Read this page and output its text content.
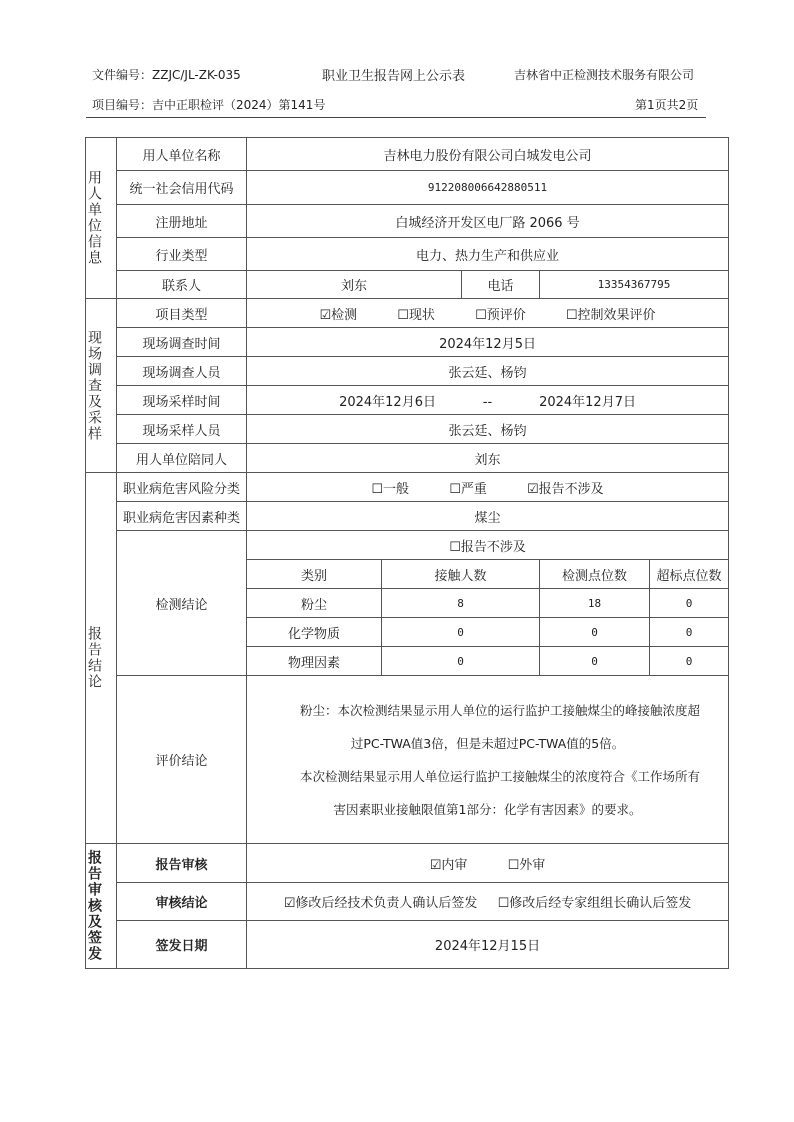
文件编号：ZZJC/JL-ZK-035	职业卫生报告网上公示表	吉林省中正检测技术服务有限公司
项目编号：吉中正职检评（2024）第141号	第1页共2页
用人单位信息	用人单位名称	吉林电力股份有限公司白城发电公司				
	统一社会信用代码	912208006642880511				
	注册地址	白城经济开发区电厂路 2066 号				
	行业类型	电力、热力生产和供应业				
	联系人	刘东		电话	13354367795	

现场调查及采样	项目类型	☑检测 ☐现状 ☐预评价 ☐控制效果评价				
	现场调查时间	2024年12月5日				
	现场调查人员	张云廷、杨钧				
	现场采样时间	2024年12月6日 -- 2024年12月7日				
	现场采样人员	张云廷、杨钧				
	用人单位陪同人	刘东				

报告结论	职业病危害风险分类	☐一般 ☐严重 ☑报告不涉及				
	职业病危害因素种类	煤尘				
	检测结论	☐报告不涉及				
		类别	接触人数		检测点位数	超标点位数
		粉尘	8		18	0
		化学物质	0		0	0
		物理因素	0		0	0
	评价结论	粉尘：本次检测结果显示用人单位的运行监护工接触煤尘的峰接触浓度超

过PC-TWA值3倍，但是未超过PC-TWA值的5倍。

本次检测结果显示用人单位运行监护工接触煤尘的浓度符合《工作场所有

害因素职业接触限值第1部分：化学有害因素》的要求。				

报告审核及签发	报告审核	☑内审 ☐外审				
	审核结论	☑修改后经技术负责人确认后签发 ☐修改后经专家组组长确认后签发				
	签发日期	2024年12月15日				
